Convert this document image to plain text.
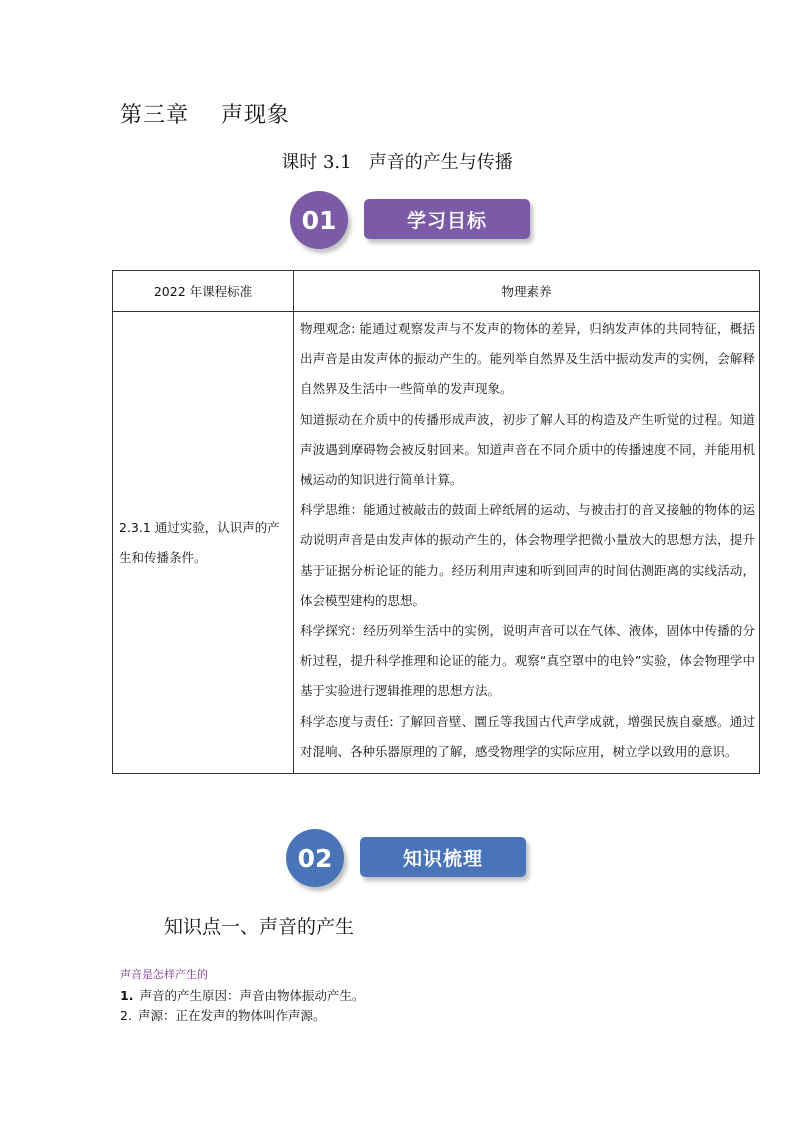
第三章    声现象
课时 3.1   声音的产生与传播
01	学习目标
2022 年课程标准	物理素养
2.3.1 通过实验，认识声的产生和传播条件。	物理观念: 能通过观察发声与不发声的物体的差异，归纳发声体的共同特征，概括出声音是由发声体的振动产生的。能列举自然界及生活中振动发声的实例，会解释自然界及生活中一些简单的发声现象。

知道振动在介质中的传播形成声波，初步了解人耳的构造及产生听觉的过程。知道声波遇到摩碍物会被反射回来。知道声音在不同介质中的传播速度不同，并能用机械运动的知识进行简单计算。

科学思维：能通过被敲击的鼓面上碎纸屑的运动、与被击打的音叉接触的物体的运动说明声音是由发声体的振动产生的，体会物理学把微小量放大的思想方法，提升基于证据分析论证的能力。经历利用声速和听到回声的时间估测距离的实线活动，体会模型建构的思想。

科学探究：经历列举生活中的实例，说明声音可以在气体、液体，固体中传播的分析过程，提升科学推理和论证的能力。观察“真空罩中的电铃”实验，体会物理学中基于实验进行逻辑推理的思想方法。

科学态度与责任: 了解回音壁、圜丘等我国古代声学成就，增强民族自豪感。通过对混响、各种乐器原理的了解，感受物理学的实际应用，树立学以致用的意识。

02	知识梳理
知识点一、声音的产生
声音是怎样产生的
1. 声音的产生原因：声音由物体振动产生。
2. 声源：正在发声的物体叫作声源。
